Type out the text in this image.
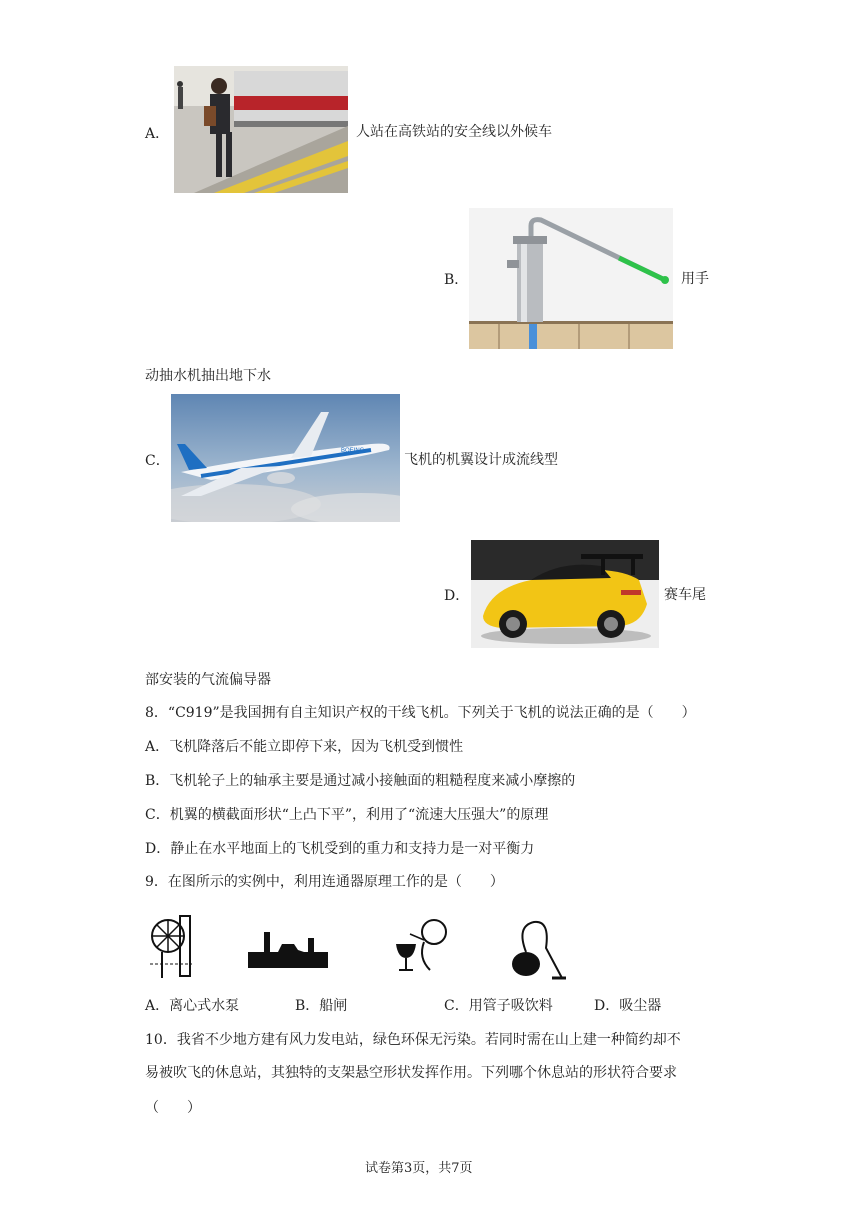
A．	人站在高铁站的安全线以外候车
B．	用手
动抽水机抽出地下水
C．
BOEING
飞机的机翼设计成流线型
D．	赛车尾
部安装的气流偏导器
8．“C919”是我国拥有自主知识产权的干线飞机。下列关于飞机的说法正确的是（　　）
A．飞机降落后不能立即停下来，因为飞机受到惯性
B．飞机轮子上的轴承主要是通过减小接触面的粗糙程度来减小摩擦的
C．机翼的横截面形状“上凸下平”，利用了“流速大压强大”的原理
D．静止在水平地面上的飞机受到的重力和支持力是一对平衡力
9．在图所示的实例中，利用连通器原理工作的是（　　）
A．离心式水泵	B．船闸	C．用管子吸饮料	D．吸尘器
10．我省不少地方建有风力发电站，绿色环保无污染。若同时需在山上建一种简约却不
易被吹飞的休息站，其独特的支架悬空形状发挥作用。下列哪个休息站的形状符合要求
（　　）
试卷第3页，共7页
